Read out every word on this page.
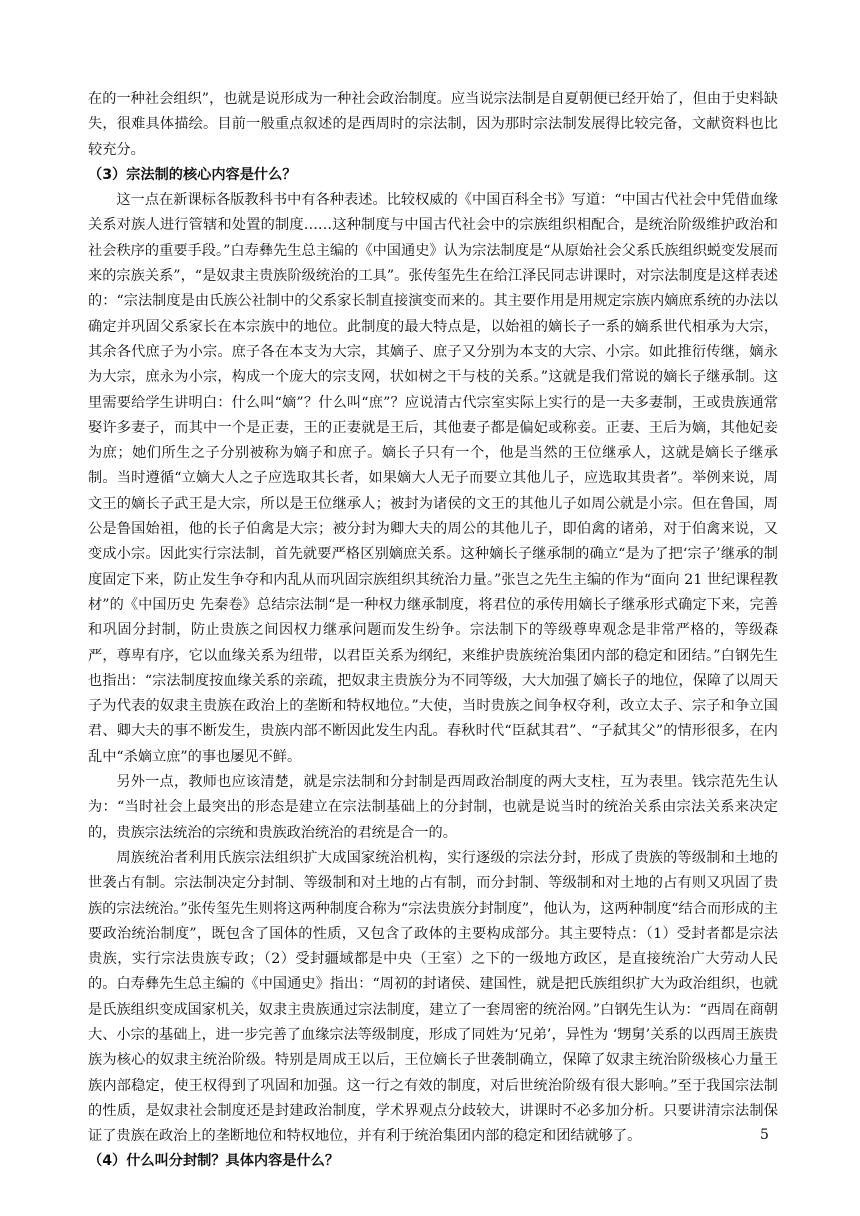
在的一种社会组织”，也就是说形成为一种社会政治制度。应当说宗法制是自夏朝便已经开始了，但由于史料缺失，很难具体描绘。目前一般重点叙述的是西周时的宗法制，因为那时宗法制发展得比较完备，文献资料也比较充分。

（3）宗法制的核心内容是什么？

这一点在新课标各版教科书中有各种表述。比较权威的《中国百科全书》写道：“中国古代社会中凭借血缘关系对族人进行管辖和处置的制度……这种制度与中国古代社会中的宗族组织相配合，是统治阶级维护政治和社会秩序的重要手段。”白寿彝先生总主编的《中国通史》认为宗法制度是“从原始社会父系氏族组织蜕变发展而来的宗族关系”，“是奴隶主贵族阶级统治的工具”。张传玺先生在给江泽民同志讲课时，对宗法制度是这样表述的：“宗法制度是由氏族公社制中的父系家长制直接演变而来的。其主要作用是用规定宗族内嫡庶系统的办法以确定并巩固父系家长在本宗族中的地位。此制度的最大特点是，以始祖的嫡长子一系的嫡系世代相承为大宗，其余各代庶子为小宗。庶子各在本支为大宗，其嫡子、庶子又分别为本支的大宗、小宗。如此推衍传继，嫡永为大宗，庶永为小宗，构成一个庞大的宗支网，状如树之干与枝的关系。”这就是我们常说的嫡长子继承制。这里需要给学生讲明白：什么叫“嫡”？什么叫“庶”？应说清古代宗室实际上实行的是一夫多妻制，王或贵族通常娶许多妻子，而其中一个是正妻，王的正妻就是王后，其他妻子都是偏妃或称妾。正妻、王后为嫡，其他妃妾为庶；她们所生之子分别被称为嫡子和庶子。嫡长子只有一个，他是当然的王位继承人，这就是嫡长子继承制。当时遵循“立嫡大人之子应选取其长者，如果嫡大人无子而要立其他儿子，应选取其贵者”。举例来说，周文王的嫡长子武王是大宗，所以是王位继承人；被封为诸侯的文王的其他儿子如周公就是小宗。但在鲁国，周公是鲁国始祖，他的长子伯禽是大宗；被分封为卿大夫的周公的其他儿子，即伯禽的诸弟，对于伯禽来说，又变成小宗。因此实行宗法制，首先就要严格区别嫡庶关系。这种嫡长子继承制的确立“是为了把‘宗子’继承的制度固定下来，防止发生争夺和内乱从而巩固宗族组织其统治力量。”张岂之先生主编的作为“面向 21 世纪课程教材”的《中国历史 先秦卷》总结宗法制“是一种权力继承制度，将君位的承传用嫡长子继承形式确定下来，完善和巩固分封制，防止贵族之间因权力继承问题而发生纷争。宗法制下的等级尊卑观念是非常严格的，等级森严，尊卑有序，它以血缘关系为纽带，以君臣关系为纲纪，来维护贵族统治集团内部的稳定和团结。”白钢先生也指出：“宗法制度按血缘关系的亲疏，把奴隶主贵族分为不同等级，大大加强了嫡长子的地位，保障了以周天子为代表的奴隶主贵族在政治上的垄断和特权地位。”大使，当时贵族之间争权夺利，改立太子、宗子和争立国君、卿大夫的事不断发生，贵族内部不断因此发生内乱。春秋时代“臣弑其君”、“子弑其父”的情形很多，在内乱中“杀嫡立庶”的事也屡见不鲜。

另外一点，教师也应该清楚，就是宗法制和分封制是西周政治制度的两大支柱，互为表里。钱宗范先生认为：“当时社会上最突出的形态是建立在宗法制基础上的分封制，也就是说当时的统治关系由宗法关系来决定的，贵族宗法统治的宗统和贵族政治统治的君统是合一的。

周族统治者利用氏族宗法组织扩大成国家统治机构，实行逐级的宗法分封，形成了贵族的等级制和土地的世袭占有制。宗法制决定分封制、等级制和对土地的占有制，而分封制、等级制和对土地的占有则又巩固了贵族的宗法统治。”张传玺先生则将这两种制度合称为“宗法贵族分封制度”，他认为，这两种制度“结合而形成的主要政治统治制度”，既包含了国体的性质，又包含了政体的主要构成部分。其主要特点：（1）受封者都是宗法贵族，实行宗法贵族专政；（2）受封疆域都是中央（王室）之下的一级地方政区，是直接统治广大劳动人民的。白寿彝先生总主编的《中国通史》指出：“周初的封诸侯、建国性，就是把氏族组织扩大为政治组织，也就是氏族组织变成国家机关，奴隶主贵族通过宗法制度，建立了一套周密的统治网。”白钢先生认为：“西周在商朝大、小宗的基础上，进一步完善了血缘宗法等级制度，形成了同姓为‘兄弟’，异性为 ‘甥舅’关系的以西周王族贵族为核心的奴隶主统治阶级。特别是周成王以后，王位嫡长子世袭制确立，保障了奴隶主统治阶级核心力量王族内部稳定，使王权得到了巩固和加强。这一行之有效的制度，对后世统治阶级有很大影响。”至于我国宗法制的性质，是奴隶社会制度还是封建政治制度，学术界观点分歧较大，讲课时不必多加分析。只要讲清宗法制保证了贵族在政治上的垄断地位和特权地位，并有利于统治集团内部的稳定和团结就够了。

（4）什么叫分封制？具体内容是什么？

5
